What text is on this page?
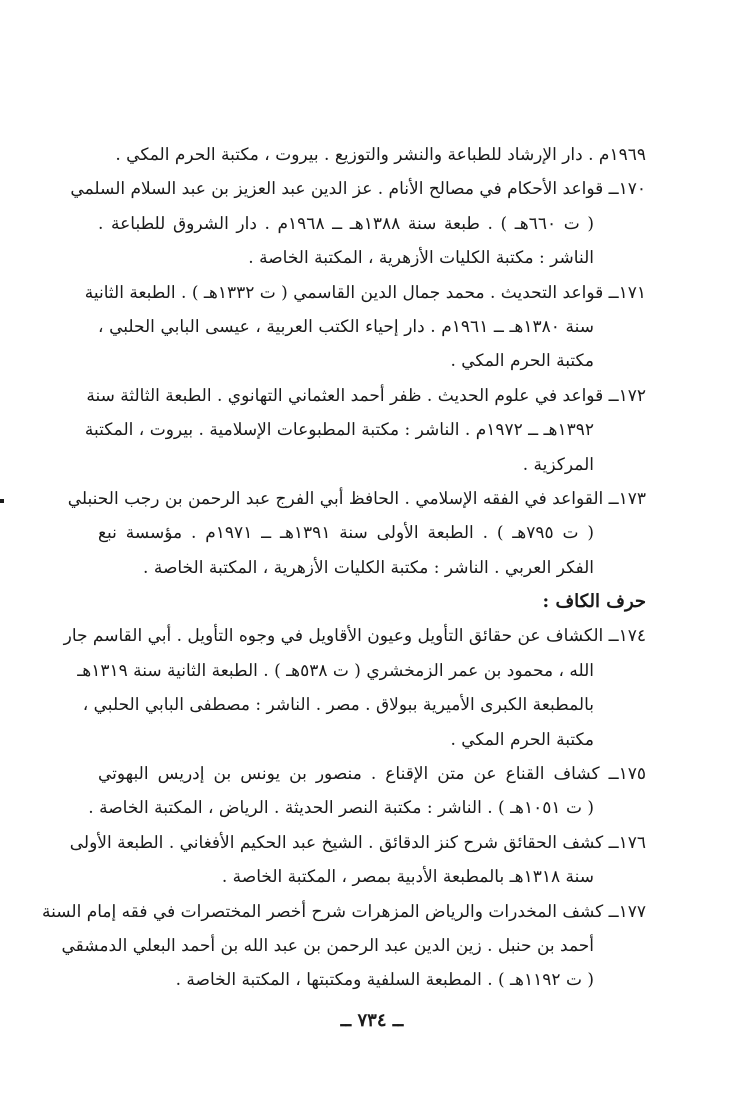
١٩٦٩م . دار الإرشاد للطباعة والنشر والتوزيع . بيروت ، مكتبة الحرم المكي .
١٧٠ــ قواعد الأحكام في مصالح الأنام . عز الدين عبد العزيز بن عبد السلام السلمي
( ت ٦٦٠هـ ) . طبعة سنة ١٣٨٨هـ ــ ١٩٦٨م . دار الشروق للطباعة .
الناشر : مكتبة الكليات الأزهرية ، المكتبة الخاصة .
١٧١ــ قواعد التحديث . محمد جمال الدين القاسمي ( ت ١٣٣٢هـ ) . الطبعة الثانية
سنة ١٣٨٠هـ ــ ١٩٦١م . دار إحياء الكتب العربية ، عيسى البابي الحلبي ،
مكتبة الحرم المكي .
١٧٢ــ قواعد في علوم الحديث . ظفر أحمد العثماني التهانوي . الطبعة الثالثة سنة
١٣٩٢هـ ــ ١٩٧٢م . الناشر : مكتبة المطبوعات الإسلامية . بيروت ، المكتبة
المركزية .
١٧٣ــ القواعد في الفقه الإسلامي . الحافظ أبي الفرج عبد الرحمن بن رجب الحنبلي
( ت ٧٩٥هـ ) . الطبعة الأولى سنة ١٣٩١هـ ــ ١٩٧١م . مؤسسة نبع
الفكر العربي . الناشر : مكتبة الكليات الأزهرية ، المكتبة الخاصة .
حرف الكاف :
١٧٤ــ الكشاف عن حقائق التأويل وعيون الأقاويل في وجوه التأويل . أبي القاسم جار
الله ، محمود بن عمر الزمخشري ( ت ٥٣٨هـ ) . الطبعة الثانية سنة ١٣١٩هـ
بالمطبعة الكبرى الأميرية ببولاق . مصر . الناشر : مصطفى البابي الحلبي ،
مكتبة الحرم المكي .
١٧٥ــ كشاف القناع عن متن الإقناع . منصور بن يونس بن إدريس البهوتي
( ت ١٠٥١هـ ) . الناشر : مكتبة النصر الحديثة . الرياض ، المكتبة الخاصة .
١٧٦ــ كشف الحقائق شرح كنز الدقائق . الشيخ عبد الحكيم الأفغاني . الطبعة الأولى
سنة ١٣١٨هـ بالمطبعة الأدبية بمصر ، المكتبة الخاصة .
١٧٧ــ كشف المخدرات والرياض المزهرات شرح أخصر المختصرات في فقه إمام السنة
أحمد بن حنبل . زين الدين عبد الرحمن بن عبد الله بن أحمد البعلي الدمشقي
( ت ١١٩٢هـ ) . المطبعة السلفية ومكتبتها ، المكتبة الخاصة .
ــ ٧٣٤ ــ
